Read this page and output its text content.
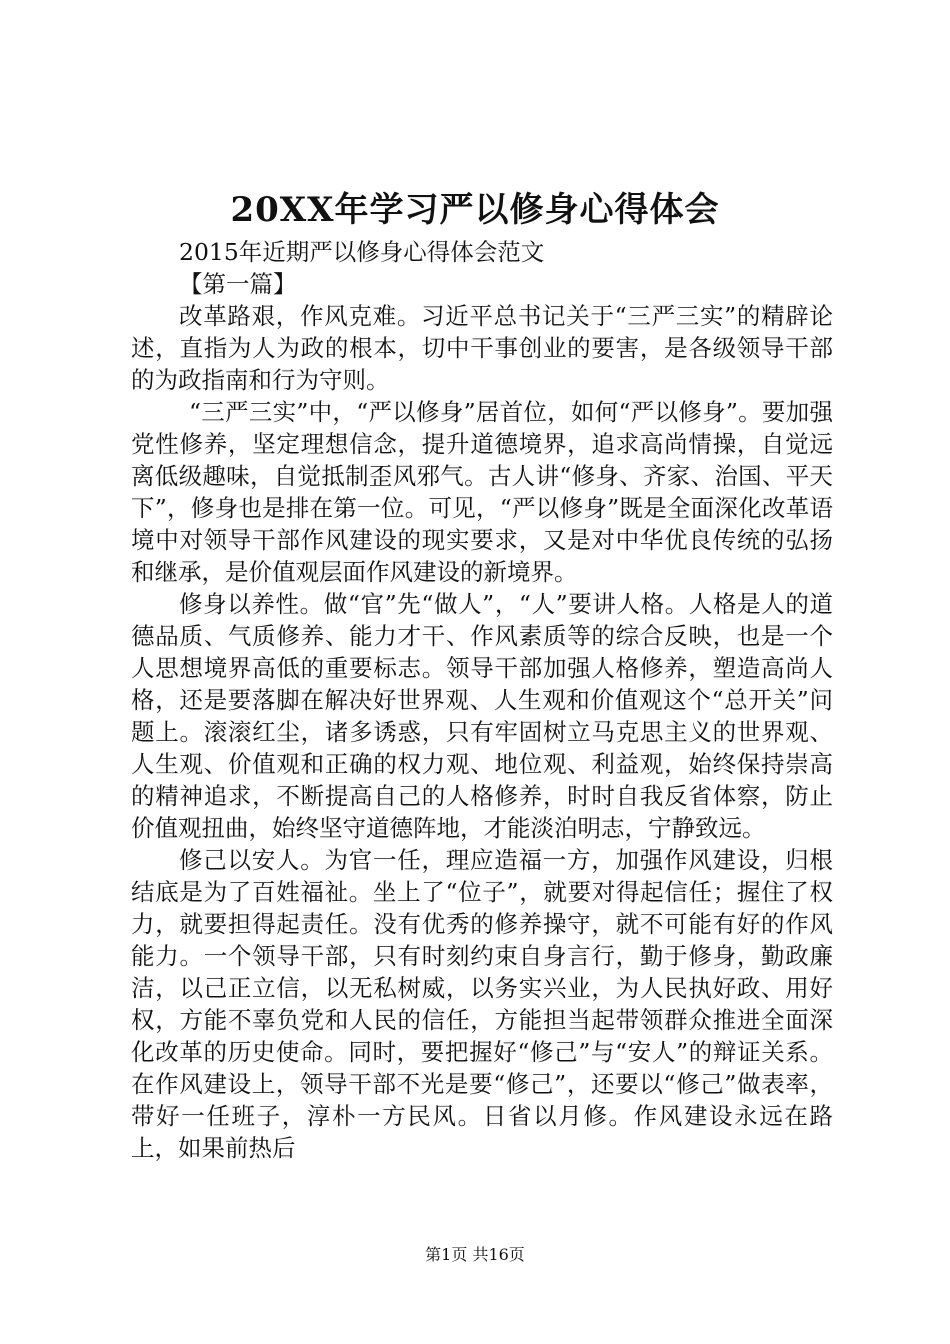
20XX年学习严以修身心得体会

2015年近期严以修身心得体会范文

【第一篇】

改革路艰，作风克难。习近平总书记关于“三严三实”的精辟论述，直指为人为政的根本，切中干事创业的要害，是各级领导干部的为政指南和行为守则。

“三严三实”中，“严以修身”居首位，如何“严以修身”。要加强党性修养，坚定理想信念，提升道德境界，追求高尚情操，自觉远离低级趣味，自觉抵制歪风邪气。古人讲“修身、齐家、治国、平天下”，修身也是排在第一位。可见，“严以修身”既是全面深化改革语境中对领导干部作风建设的现实要求，又是对中华优良传统的弘扬和继承，是价值观层面作风建设的新境界。

修身以养性。做“官”先“做人”，“人”要讲人格。人格是人的道德品质、气质修养、能力才干、作风素质等的综合反映，也是一个人思想境界高低的重要标志。领导干部加强人格修养，塑造高尚人格，还是要落脚在解决好世界观、人生观和价值观这个“总开关”问题上。滚滚红尘，诸多诱惑，只有牢固树立马克思主义的世界观、人生观、价值观和正确的权力观、地位观、利益观，始终保持崇高的精神追求，不断提高自己的人格修养，时时自我反省体察，防止价值观扭曲，始终坚守道德阵地，才能淡泊明志，宁静致远。

修己以安人。为官一任，理应造福一方，加强作风建设，归根结底是为了百姓福祉。坐上了“位子”，就要对得起信任；握住了权力，就要担得起责任。没有优秀的修养操守，就不可能有好的作风能力。一个领导干部，只有时刻约束自身言行，勤于修身，勤政廉洁，以己正立信，以无私树威，以务实兴业，为人民执好政、用好权，方能不辜负党和人民的信任，方能担当起带领群众推进全面深化改革的历史使命。同时，要把握好“修己”与“安人”的辩证关系。在作风建设上，领导干部不光是要“修己”，还要以“修己”做表率，带好一任班子，淳朴一方民风。日省以月修。作风建设永远在路上，如果前热后

第1页 共16页
